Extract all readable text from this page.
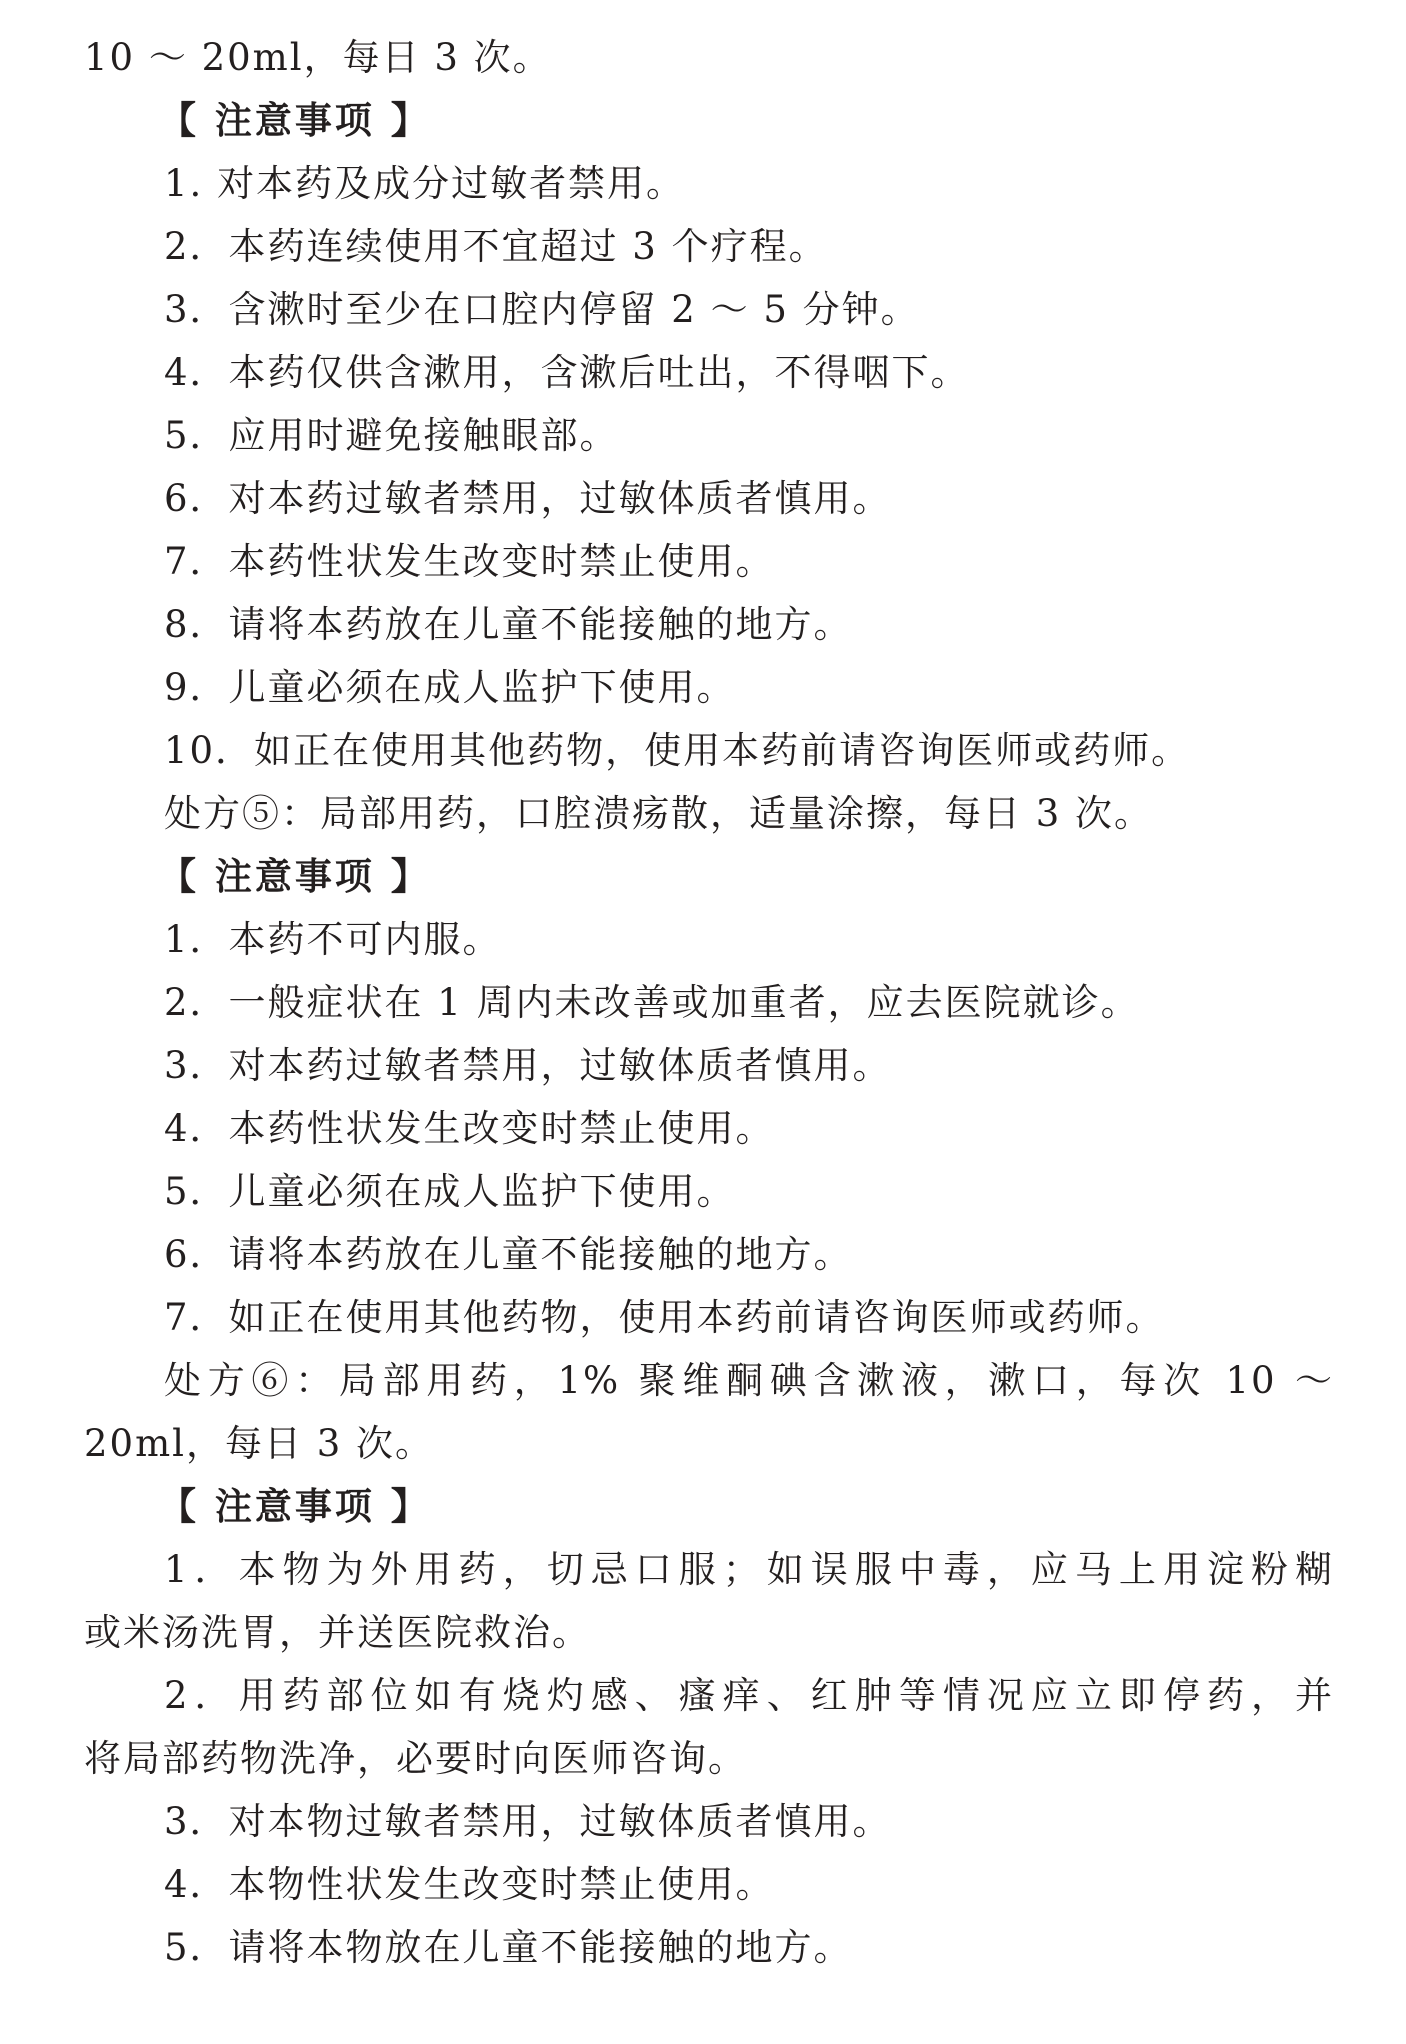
10 ～ 20ml，每日 3 次。
【 注意事项 】
1. 对本药及成分过敏者禁用。
2．本药连续使用不宜超过 3 个疗程。
3．含漱时至少在口腔内停留 2 ～ 5 分钟。
4．本药仅供含漱用，含漱后吐出，不得咽下。
5．应用时避免接触眼部。
6．对本药过敏者禁用，过敏体质者慎用。
7．本药性状发生改变时禁止使用。
8．请将本药放在儿童不能接触的地方。
9．儿童必须在成人监护下使用。
10．如正在使用其他药物，使用本药前请咨询医师或药师。
处方⑤：局部用药，口腔溃疡散，适量涂擦，每日 3 次。
【 注意事项 】
1．本药不可内服。
2．一般症状在 1 周内未改善或加重者，应去医院就诊。
3．对本药过敏者禁用，过敏体质者慎用。
4．本药性状发生改变时禁止使用。
5．儿童必须在成人监护下使用。
6．请将本药放在儿童不能接触的地方。
7．如正在使用其他药物，使用本药前请咨询医师或药师。
处方⑥：局部用药，1% 聚维酮碘含漱液，漱口，每次 10 ～
20ml，每日 3 次。
【 注意事项 】
1．本物为外用药，切忌口服；如误服中毒，应马上用淀粉糊
或米汤洗胃，并送医院救治。
2．用药部位如有烧灼感、瘙痒、红肿等情况应立即停药，并
将局部药物洗净，必要时向医师咨询。
3．对本物过敏者禁用，过敏体质者慎用。
4．本物性状发生改变时禁止使用。
5．请将本物放在儿童不能接触的地方。
